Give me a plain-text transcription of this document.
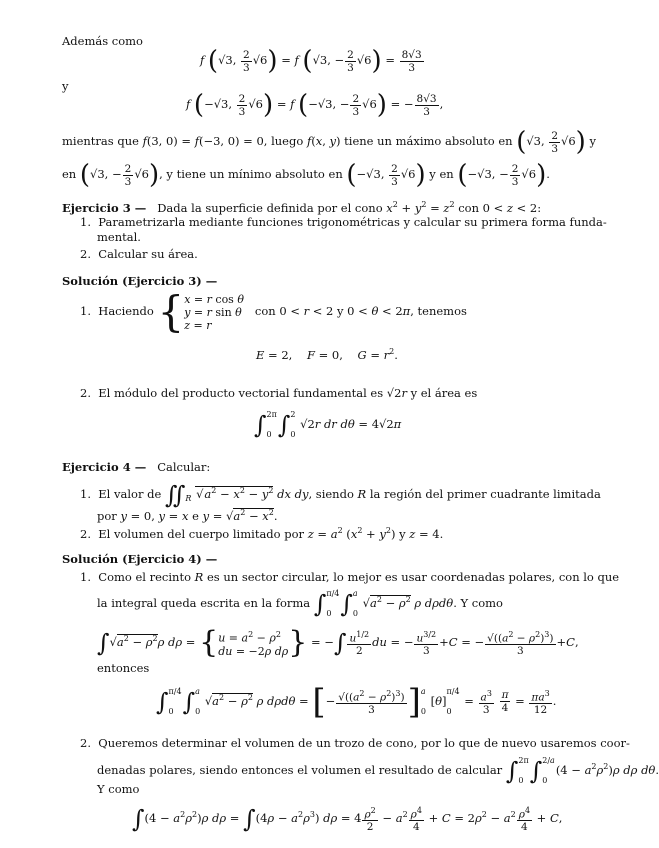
Además como
f (√3, $\frac{2}{3} √6) = f$ (√3, − $\frac{2}{3} √6) = \frac{8√3}{3}$
y
f (−√3, $\frac{2}{3} √6) = f$ (−√3, − $\frac{2}{3} √6$) = − $\frac{8√3}{3}$ ,
mientras que f(3, 0) = f(−3, 0) = 0, luego f(x, y) tiene un máximo absoluto en (√3, $\frac{2}{3} √6$) y
en (√3, − $\frac{2}{3} √6$), y tiene un mínimo absoluto en (−√3, $\frac{2}{3} √6$) y en (−√3, − $\frac{2}{3} √6$).
Ejercicio 3 —   Dada la superficie definida por el cono $x^2 + y^2 = z^2$ con 0 < z < 2:
1.  Parametrizarla mediante funciones trigonométricas y calcular su primera forma funda-
mental.
2.  Calcular su área.
Solución (Ejercicio 3) —
1.  Haciendo {x = r cos θ
y = r sin θ
z = r   con 0 < r < 2 y 0 < θ < 2π, tenemos
E = 2,    F = 0,    $G = r^2$.
2.  El módulo del producto vectorial fundamental es √2r y el área es
∫2π

0 ∫2

0 √2r dr dθ = 4√2π
Ejercicio 4 — Calcular:
1.  El valor de $∬_R$ $√a^2 - x^2 - y^2$ dx dy, siendo R la región del primer cuadrante limitada
por y = 0, y = x e $y = √a^2 - x^2$.
2.  El volumen del cuerpo limitado por $z = a^2$ $(x^2 + y^2)$ y z = 4.
Solución (Ejercicio 4) —
1.  Como el recinto R es un sector circular, lo mejor es usar coordenadas polares, con lo que
la integral queda escrita en la forma ∫π/4

0 ∫a

0 $√a^2 - \rho^2$ ρ dρdθ. Y como
$\int√a^2 - \rho^2\rho$ $d\rho = \{u = a^2 - \rho^2$
du = −2ρ dρ} = −∫ $\frac{u^{1/2}}{2}$ du = − $\frac{u^{3/2}}{3} +C$ = − $\frac{√((a^2 - \rho^2)^3)}{3} +C$,
entonces
∫π/4

0 ∫a

0 $√a^2 - \rho^2$ ρ dρdθ = [− $\frac{√((a^2 - \rho^2)^3)}{3} ]a$

0 [θ]π/4

$0 = \frac{a^3}{3}$
$\frac{\pi}{4} = \frac{\pi a^3}{12}$ .
2.  Queremos determinar el volumen de un trozo de cono, por lo que de nuevo usaremos coor-
denadas polares, siendo entonces el volumen el resultado de calcular ∫2π

0 ∫2/a

$0(4 - a^2\rho^2)\rho$ dρ dθ.
Y como
$\int(4 - a^2\rho^2)\rho$ $d\rho = \int(4\rho - a^2\rho^3)$ $d\rho = 4 \frac{\rho^2}{2} - a^2 \frac{\rho^4}{4} + C = 2\rho^2 - a^2 \frac{\rho^4}{4} + C$,
